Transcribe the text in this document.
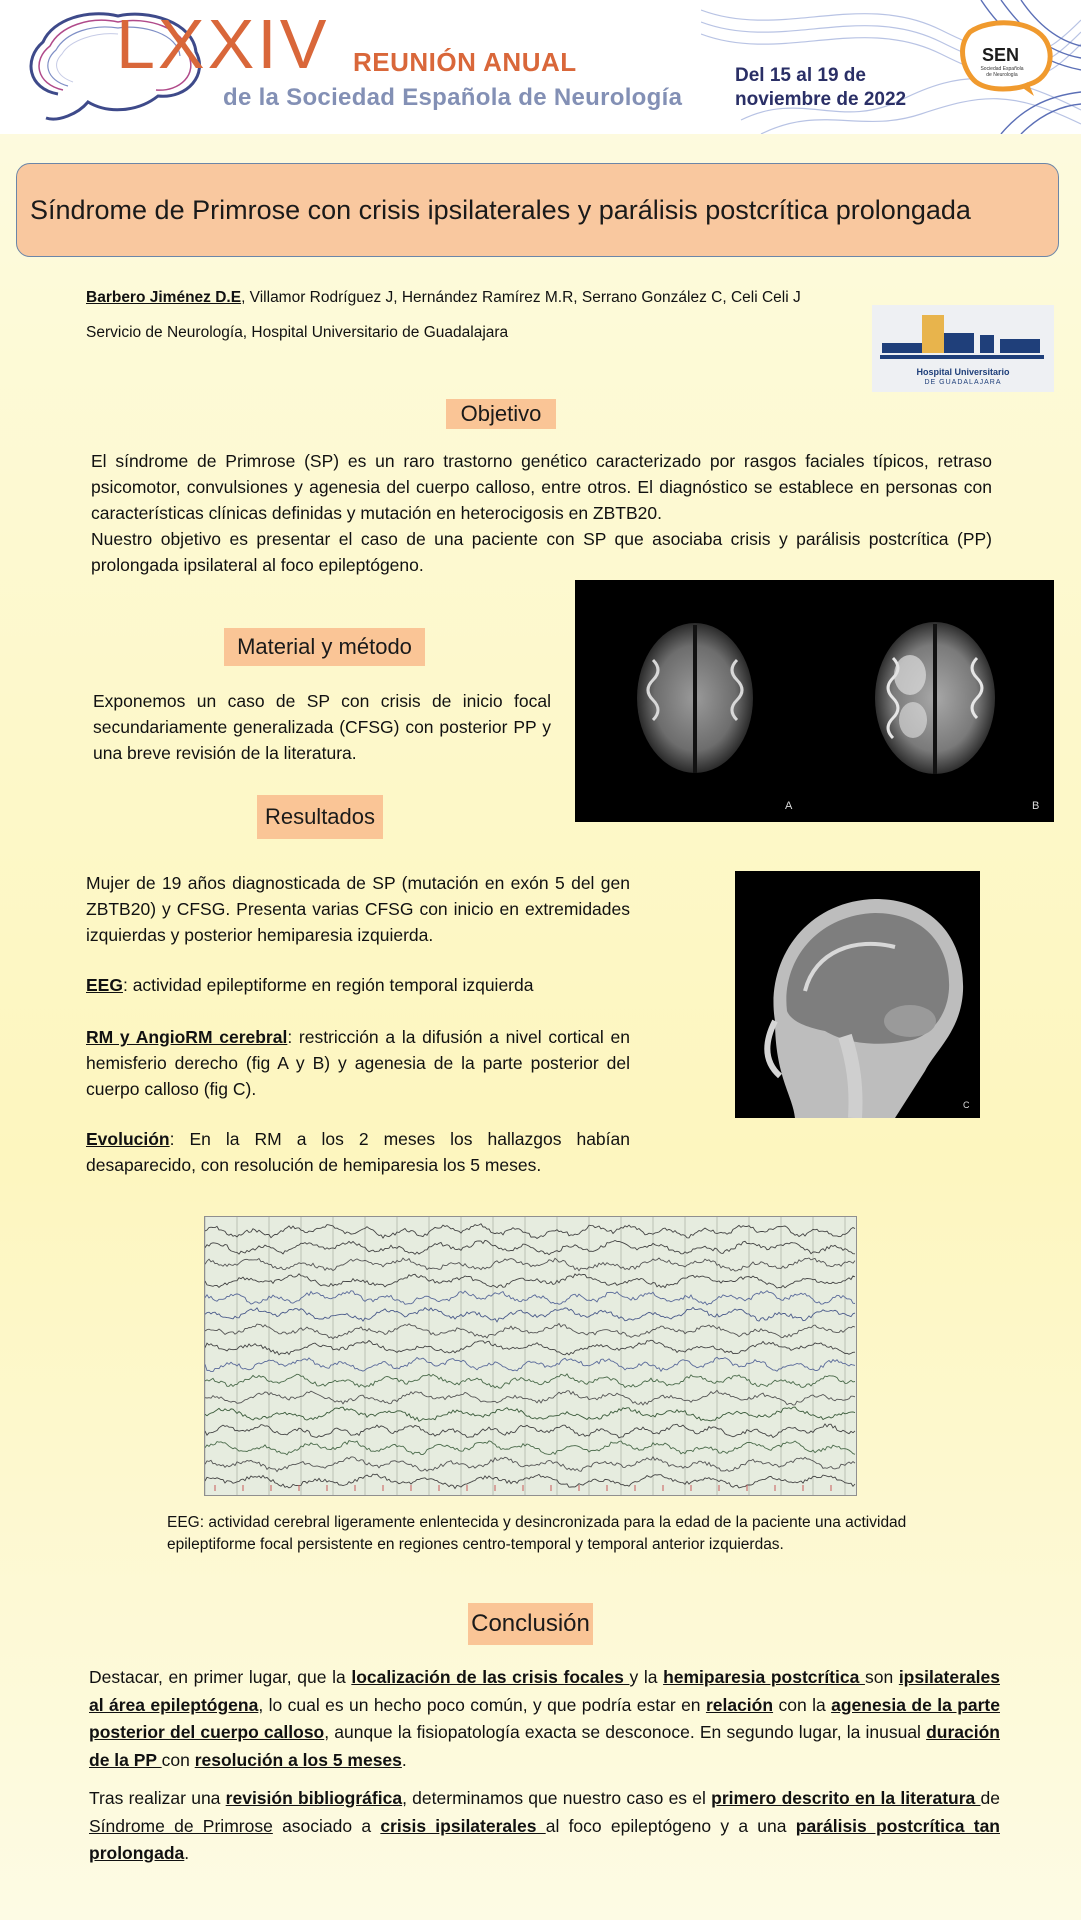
LXXIV REUNIÓN ANUAL
de la Sociedad Española de Neurología
Del 15 al 19 de
noviembre de 2022
SEN
Sociedad Española de Neurología
Síndrome de Primrose con crisis ipsilaterales y parálisis postcrítica prolongada
Barbero Jiménez D.E, Villamor Rodríguez J, Hernández Ramírez M.R, Serrano González C, Celi Celi J
Servicio de Neurología, Hospital Universitario de Guadalajara
Hospital Universitario
DE GUADALAJARA
Objetivo

El síndrome de Primrose (SP) es un raro trastorno genético caracterizado por rasgos faciales típicos, retraso psicomotor, convulsiones y agenesia del cuerpo calloso, entre otros. El diagnóstico se establece en personas con características clínicas definidas y mutación en heterocigosis en ZBTB20.

Nuestro objetivo es presentar el caso de una paciente con SP que asociaba crisis y parálisis postcrítica (PP) prolongada ipsilateral al foco epileptógeno.

Material y método

Exponemos un caso de SP con crisis de inicio focal secundariamente generalizada (CFSG) con posterior PP y una breve revisión de la literatura.

A	B
Resultados

Mujer de 19 años diagnosticada de SP (mutación en exón 5 del gen ZBTB20) y CFSG. Presenta varias CFSG con inicio en extremidades izquierdas y posterior hemiparesia izquierda.

EEG: actividad epileptiforme en región temporal izquierda

RM y AngioRM cerebral: restricción a la difusión a nivel cortical en hemisferio derecho (fig A y B) y agenesia de la parte posterior del cuerpo calloso (fig C).

Evolución: En la RM a los 2 meses los hallazgos habían desaparecido, con resolución de hemiparesia los 5 meses.

C
EEG: actividad cerebral ligeramente enlentecida y desincronizada para la edad de la paciente una actividad epileptiforme focal persistente en regiones centro-temporal y temporal anterior izquierdas.
Conclusión

Destacar, en primer lugar, que la localización de las crisis focales y la hemiparesia postcrítica son ipsilaterales al área epileptógena, lo cual es un hecho poco común, y que podría estar en relación con la agenesia de la parte posterior del cuerpo calloso, aunque la fisiopatología exacta se desconoce. En segundo lugar, la inusual duración de la PP con resolución a los 5 meses.

Tras realizar una revisión bibliográfica, determinamos que nuestro caso es el primero descrito en la literatura de Síndrome de Primrose asociado a crisis ipsilaterales al foco epileptógeno y a una parálisis postcrítica tan prolongada.
